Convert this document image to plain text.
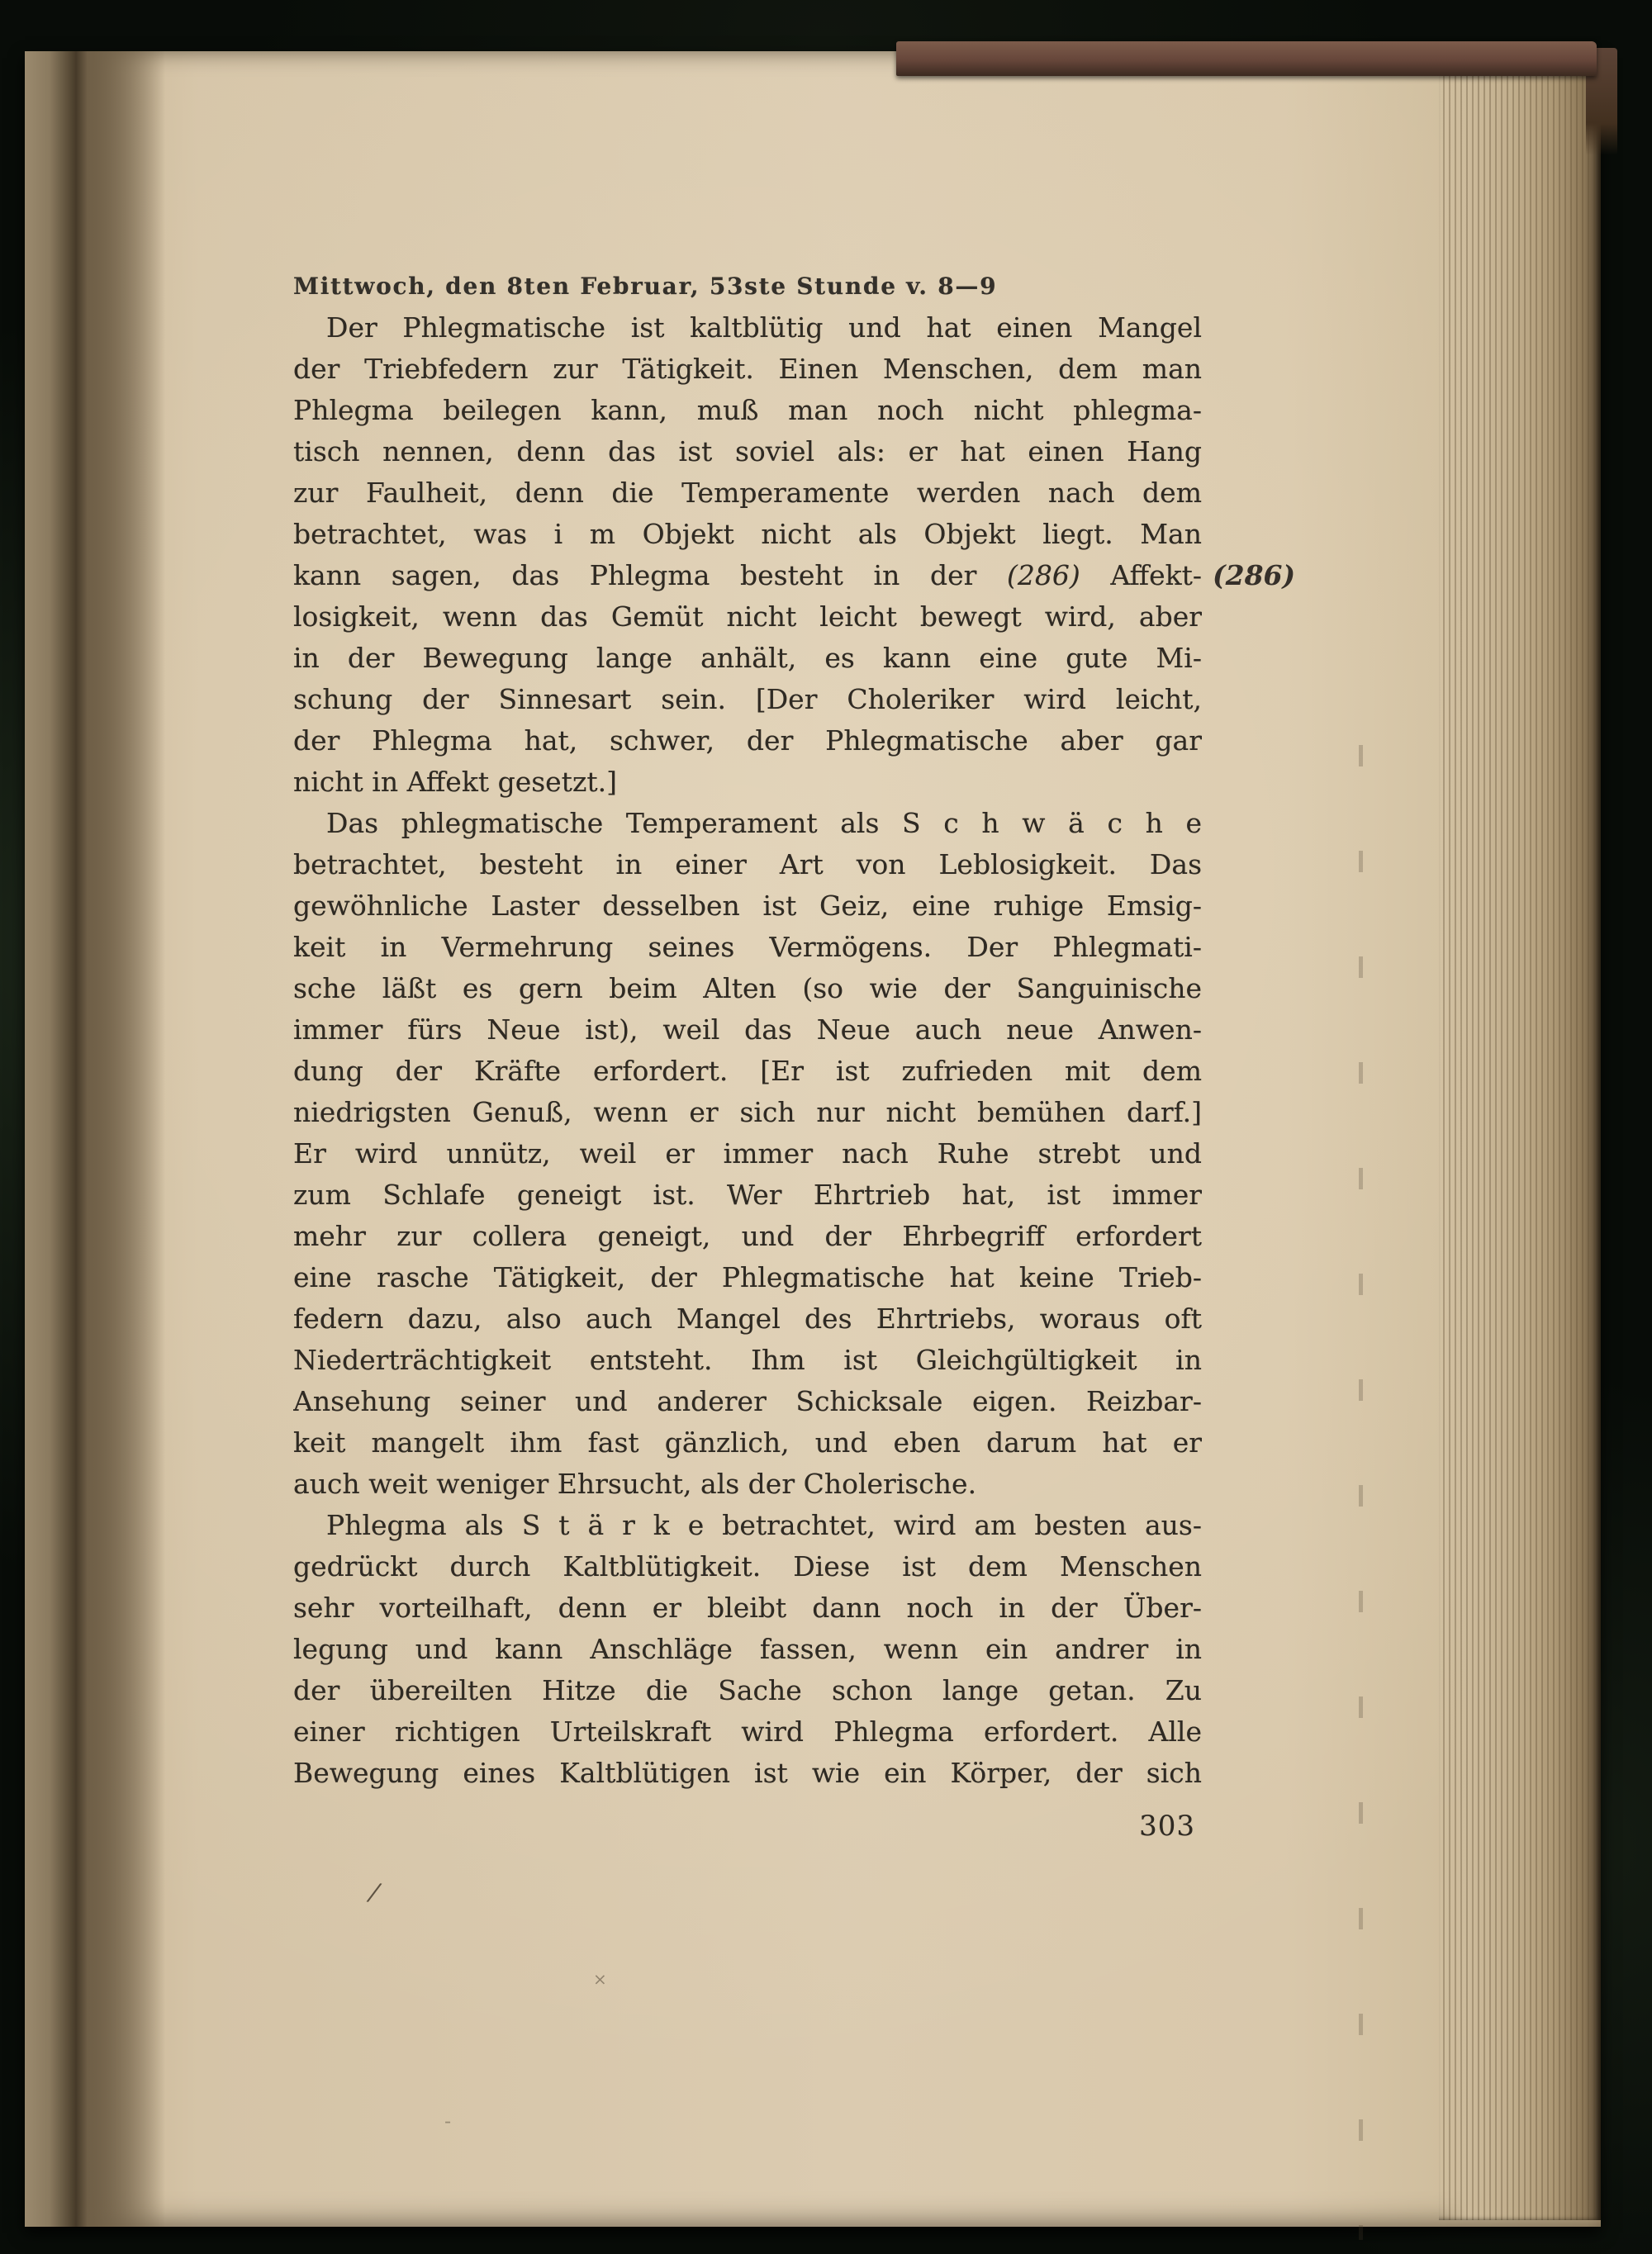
Mittwoch, den 8ten Februar, 53ste Stunde v. 8—9
(286)
Der Phlegmatische ist kaltblütig und hat einen Mangel
der Triebfedern zur Tätigkeit. Einen Menschen, dem man
Phlegma beilegen kann, muß man noch nicht phlegma-
tisch nennen, denn das ist soviel als: er hat einen Hang
zur Faulheit, denn die Temperamente werden nach dem
betrachtet, was i m Objekt nicht als Objekt liegt. Man
kann sagen, das Phlegma besteht in der (286) Affekt-
losigkeit, wenn das Gemüt nicht leicht bewegt wird, aber
in der Bewegung lange anhält, es kann eine gute Mi-
schung der Sinnesart sein. [Der Choleriker wird leicht,
der Phlegma hat, schwer, der Phlegmatische aber gar
nicht in Affekt gesetzt.]
Das phlegmatische Temperament als S c h w ä c h e
betrachtet, besteht in einer Art von Leblosigkeit. Das
gewöhnliche Laster desselben ist Geiz, eine ruhige Emsig-
keit in Vermehrung seines Vermögens. Der Phlegmati-
sche läßt es gern beim Alten (so wie der Sanguinische
immer fürs Neue ist), weil das Neue auch neue Anwen-
dung der Kräfte erfordert. [Er ist zufrieden mit dem
niedrigsten Genuß, wenn er sich nur nicht bemühen darf.]
Er wird unnütz, weil er immer nach Ruhe strebt und
zum Schlafe geneigt ist. Wer Ehrtrieb hat, ist immer
mehr zur collera geneigt, und der Ehrbegriff erfordert
eine rasche Tätigkeit, der Phlegmatische hat keine Trieb-
federn dazu, also auch Mangel des Ehrtriebs, woraus oft
Niederträchtigkeit entsteht. Ihm ist Gleichgültigkeit in
Ansehung seiner und anderer Schicksale eigen. Reizbar-
keit mangelt ihm fast gänzlich, und eben darum hat er
auch weit weniger Ehrsucht, als der Cholerische.
Phlegma als S t ä r k e betrachtet, wird am besten aus-
gedrückt durch Kaltblütigkeit. Diese ist dem Menschen
sehr vorteilhaft, denn er bleibt dann noch in der Über-
legung und kann Anschläge fassen, wenn ein andrer in
der übereilten Hitze die Sache schon lange getan. Zu
einer richtigen Urteilskraft wird Phlegma erfordert. Alle
Bewegung eines Kaltblütigen ist wie ein Körper, der sich
303
/
×
-
